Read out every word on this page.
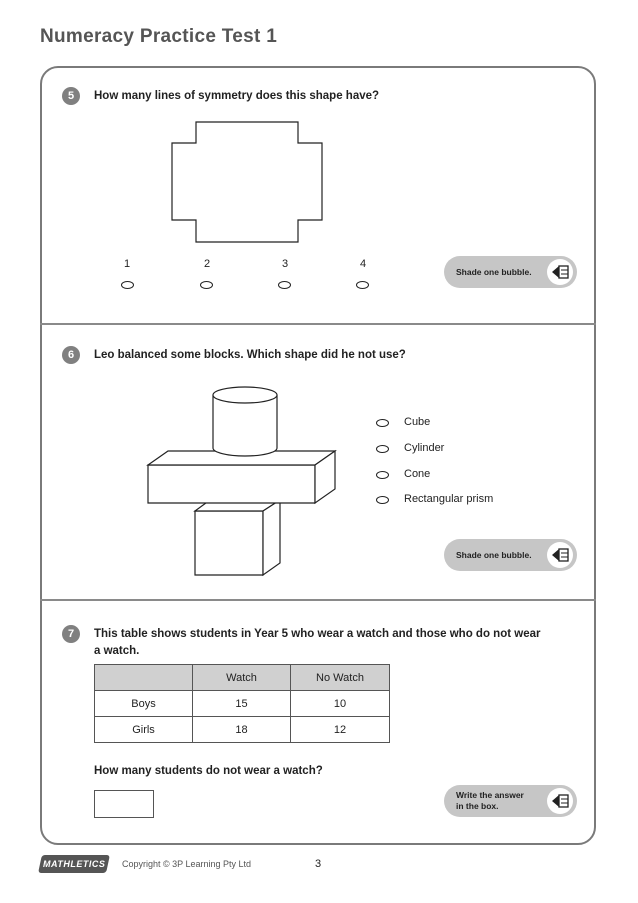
Numeracy Practice Test 1
5	How many lines of symmetry does this shape have?
1	2	3	4
Shade one bubble.
6	Leo balanced some blocks. Which shape did he not use?
Cube
Cylinder
Cone
Rectangular prism
Shade one bubble.
7	This table shows students in Year 5 who wear a watch and those who do not wear
a watch.
	Watch	No Watch
Boys	15	10
Girls	18	12
How many students do not wear a watch?
Write the answer
in the box.
MATHLETICS Copyright © 3P Learning Pty Ltd	3
